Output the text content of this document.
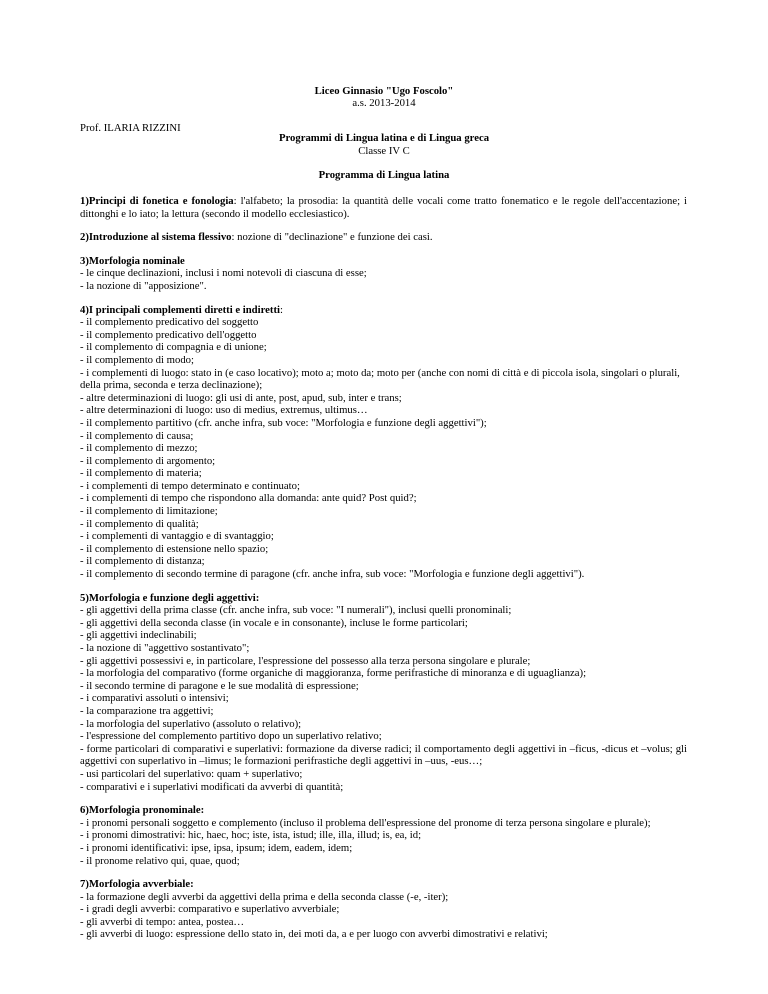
Liceo Ginnasio "Ugo Foscolo"
a.s. 2013-2014
Prof. ILARIA RIZZINI
Programmi di Lingua latina e di Lingua greca
Classe IV C
Programma di Lingua latina

1)Principi di fonetica e fonologia: l'alfabeto; la prosodia: la quantità delle vocali come tratto fonematico e le regole dell'accentazione; i dittonghi e lo iato; la lettura (secondo il modello ecclesiastico).

2)Introduzione al sistema flessivo: nozione di "declinazione" e funzione dei casi.

3)Morfologia nominale

- le cinque declinazioni, inclusi i nomi notevoli di ciascuna di esse;

- la nozione di "apposizione".

4)I principali complementi diretti e indiretti:

- il complemento predicativo del soggetto

- il complemento predicativo dell'oggetto

- il complemento di compagnia e di unione;

- il complemento di modo;

- i complementi di luogo: stato in (e caso locativo); moto a; moto da; moto per (anche con nomi di città e di piccola isola, singolari o plurali, della prima, seconda e terza declinazione);

- altre determinazioni di luogo: gli usi di ante, post, apud, sub, inter e trans;

- altre determinazioni di luogo: uso di medius, extremus, ultimus…

- il complemento partitivo (cfr. anche infra, sub voce: "Morfologia e funzione degli aggettivi");

- il complemento di causa;

- il complemento di mezzo;

- il complemento di argomento;

- il complemento di materia;

- i complementi di tempo determinato e continuato;

- i complementi di tempo che rispondono alla domanda: ante quid? Post quid?;

- il complemento di limitazione;

- il complemento di qualità;

- i complementi di vantaggio e di svantaggio;

- il complemento di estensione nello spazio;

- il complemento di distanza;

- il complemento di secondo termine di paragone (cfr. anche infra, sub voce: "Morfologia e funzione degli aggettivi").

5)Morfologia e funzione degli aggettivi:

- gli aggettivi della prima classe (cfr. anche infra, sub voce: "I numerali"), inclusi quelli pronominali;

- gli aggettivi della seconda classe (in vocale e in consonante), incluse le forme particolari;

- gli aggettivi indeclinabili;

- la nozione di "aggettivo sostantivato";

- gli aggettivi possessivi e, in particolare, l'espressione del possesso alla terza persona singolare e plurale;

- la morfologia del comparativo (forme organiche di maggioranza, forme perifrastiche di minoranza e di uguaglianza);

- il secondo termine di paragone e le sue modalità di espressione;

- i comparativi assoluti o intensivi;

- la comparazione tra aggettivi;

- la morfologia del superlativo (assoluto o relativo);

- l'espressione del complemento partitivo dopo un superlativo relativo;

- forme particolari di comparativi e superlativi: formazione da diverse radici; il comportamento degli aggettivi in –ficus, -dicus et –volus; gli aggettivi con superlativo in –limus; le formazioni perifrastiche degli aggettivi in –uus, -eus…;

- usi particolari del superlativo: quam + superlativo;

- comparativi e i superlativi modificati da avverbi di quantità;

6)Morfologia pronominale:

- i pronomi personali soggetto e complemento (incluso il problema dell'espressione del pronome di terza persona singolare e plurale);

- i pronomi dimostrativi: hic, haec, hoc; iste, ista, istud; ille, illa, illud; is, ea, id;

- i pronomi identificativi: ipse, ipsa, ipsum; idem, eadem, idem;

- il pronome relativo qui, quae, quod;

7)Morfologia avverbiale:

- la formazione degli avverbi da aggettivi della prima e della seconda classe (-e, -iter);

- i gradi degli avverbi: comparativo e superlativo avverbiale;

- gli avverbi di tempo: antea, postea…

- gli avverbi di luogo: espressione dello stato in, dei moti da, a e per luogo con avverbi dimostrativi e relativi;
